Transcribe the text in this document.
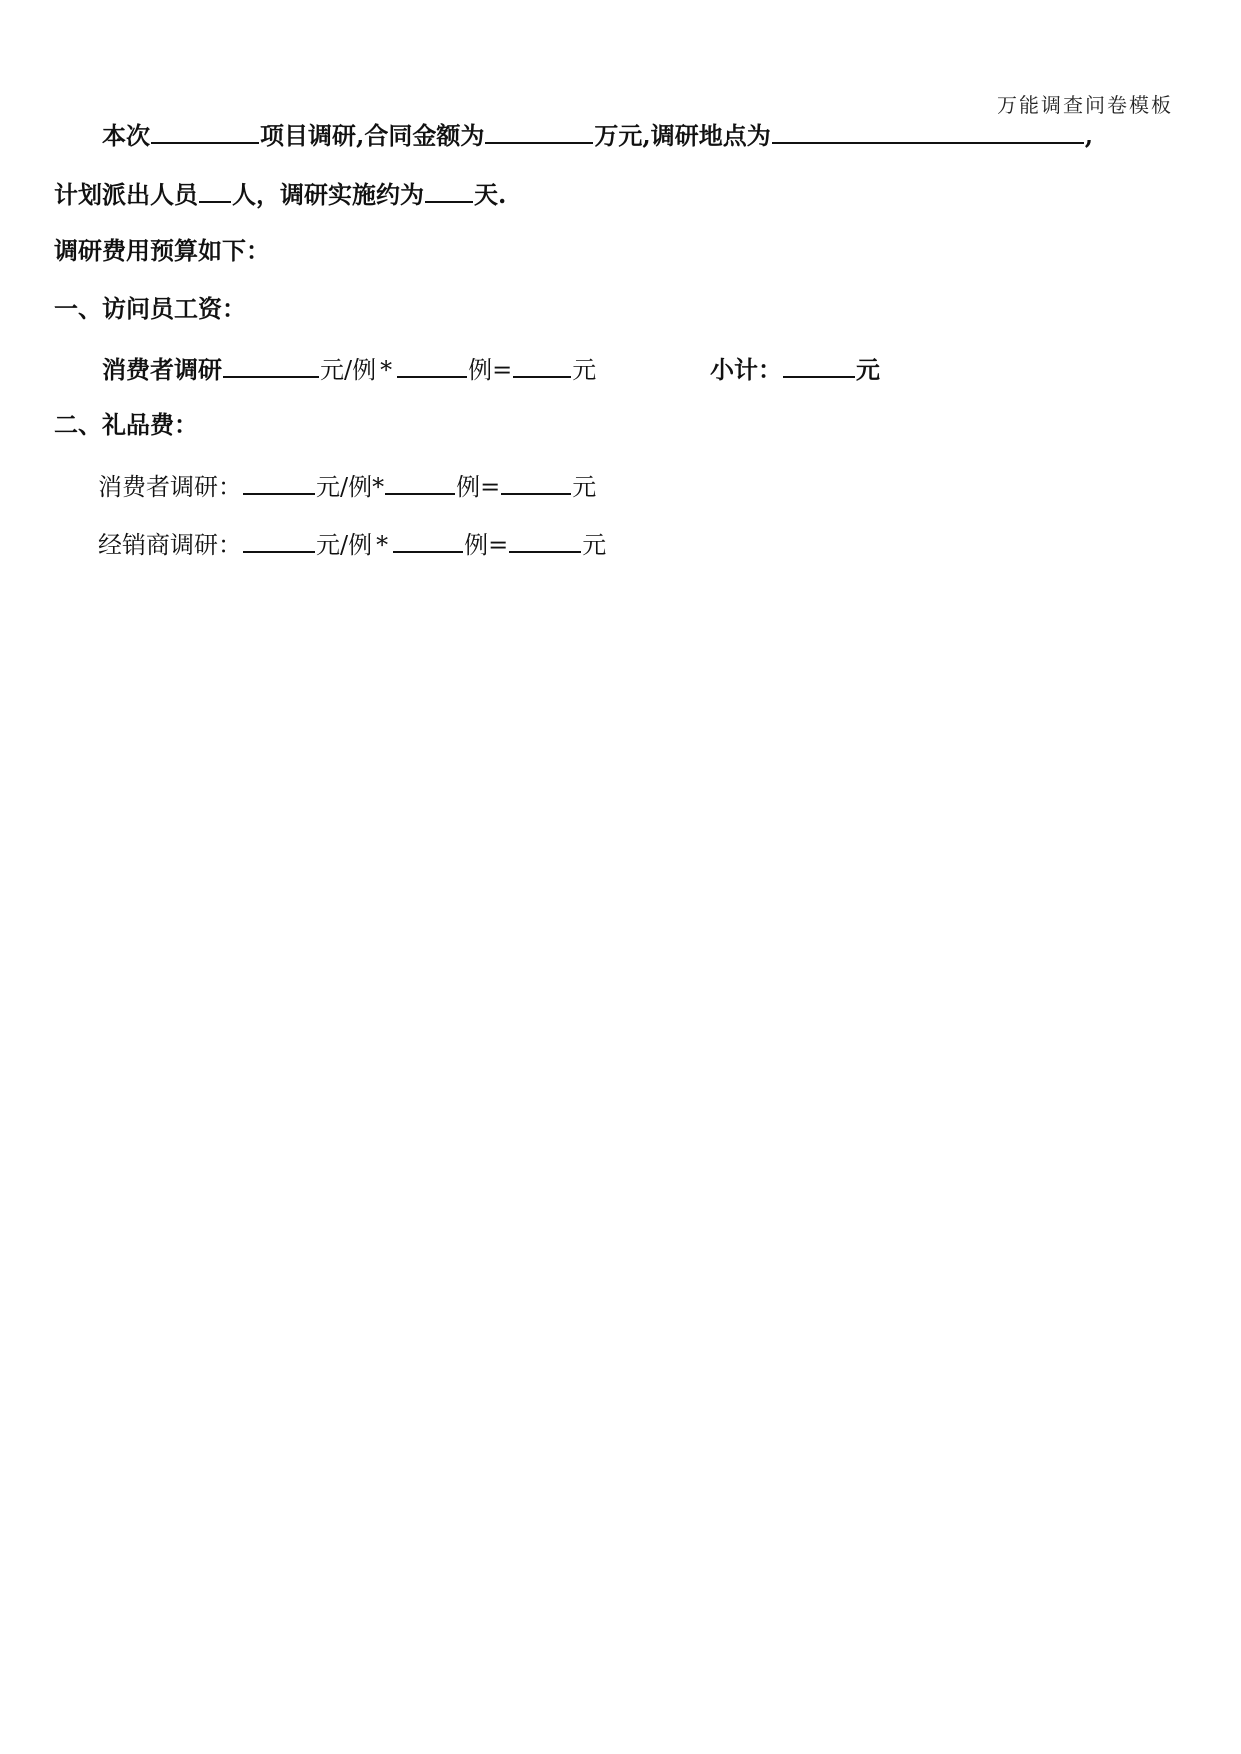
万能调查问卷模板
本次	项目调研,合同金额为	万元,调研地点为	,
计划派出人员 人，调研实施约为 天.
调研费用预算如下：
一、访问员工资：
消费者调研	元/例 *	例=	元	小计：	元
二、礼品费：
消费者调研：	元/例*	例=	元
经销商调研：	元/例 *	例=	元
